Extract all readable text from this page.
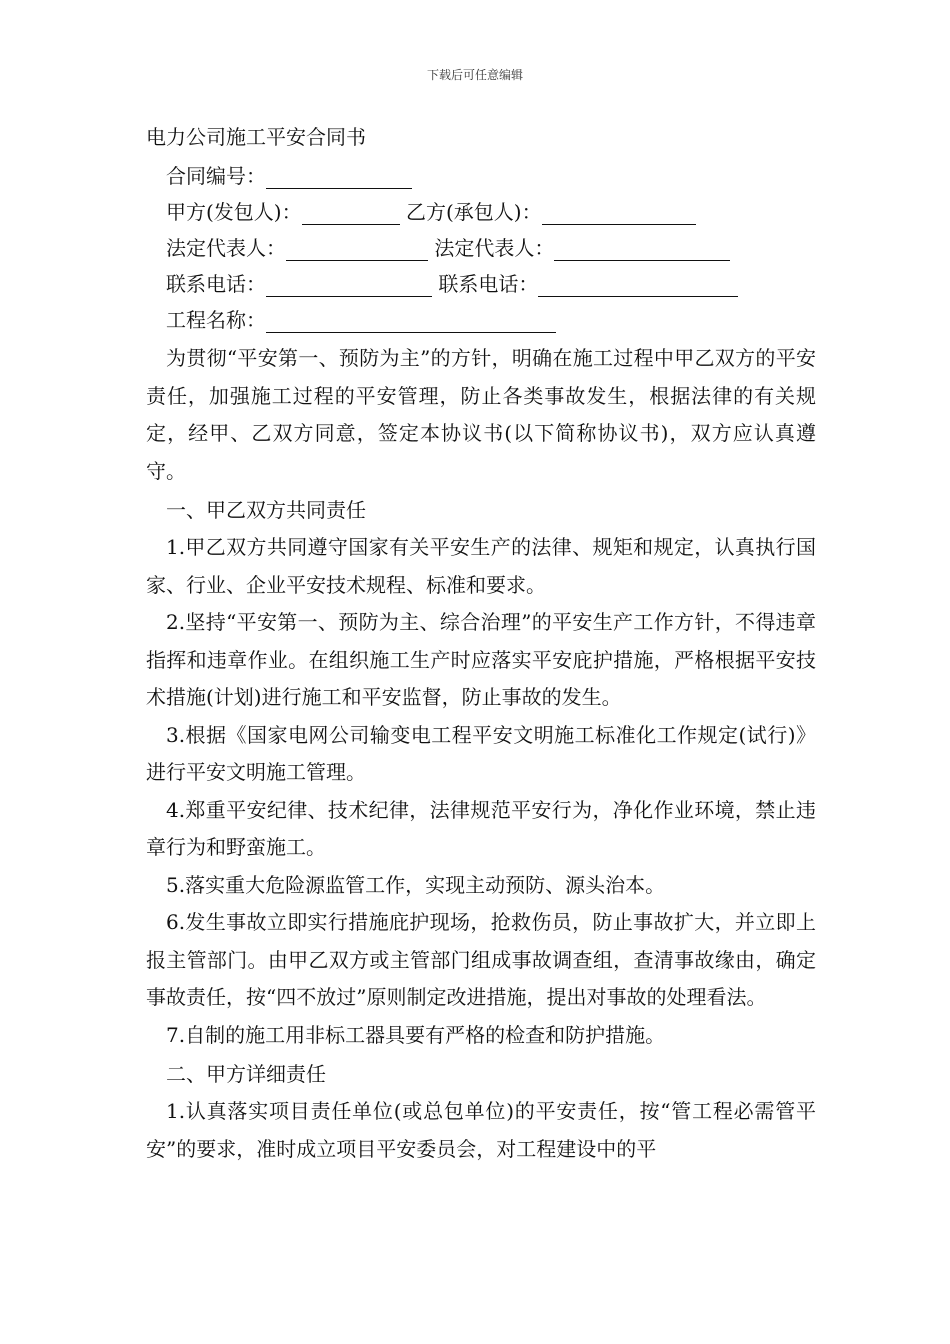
下载后可任意编辑
电力公司施工平安合同书
合同编号：
甲方(发包人)：	乙方(承包人)：
法定代表人：	法定代表人：
联系电话：	联系电话：
工程名称：

为贯彻“平安第一、预防为主”的方针，明确在施工过程中甲乙双方的平安责任，加强施工过程的平安管理，防止各类事故发生，根据法律的有关规定，经甲、乙双方同意，签定本协议书(以下简称协议书)，双方应认真遵守。

一、甲乙双方共同责任

1.甲乙双方共同遵守国家有关平安生产的法律、规矩和规定，认真执行国家、行业、企业平安技术规程、标准和要求。

2.坚持“平安第一、预防为主、综合治理”的平安生产工作方针，不得违章指挥和违章作业。在组织施工生产时应落实平安庇护措施，严格根据平安技术措施(计划)进行施工和平安监督，防止事故的发生。

3.根据《国家电网公司输变电工程平安文明施工标准化工作规定(试行)》进行平安文明施工管理。

4.郑重平安纪律、技术纪律，法律规范平安行为，净化作业环境，禁止违章行为和野蛮施工。

5.落实重大危险源监管工作，实现主动预防、源头治本。

6.发生事故立即实行措施庇护现场，抢救伤员，防止事故扩大，并立即上报主管部门。由甲乙双方或主管部门组成事故调查组，查清事故缘由，确定事故责任，按“四不放过”原则制定改进措施，提出对事故的处理看法。

7.自制的施工用非标工器具要有严格的检查和防护措施。

二、甲方详细责任

1.认真落实项目责任单位(或总包单位)的平安责任，按“管工程必需管平安”的要求，准时成立项目平安委员会，对工程建设中的平
